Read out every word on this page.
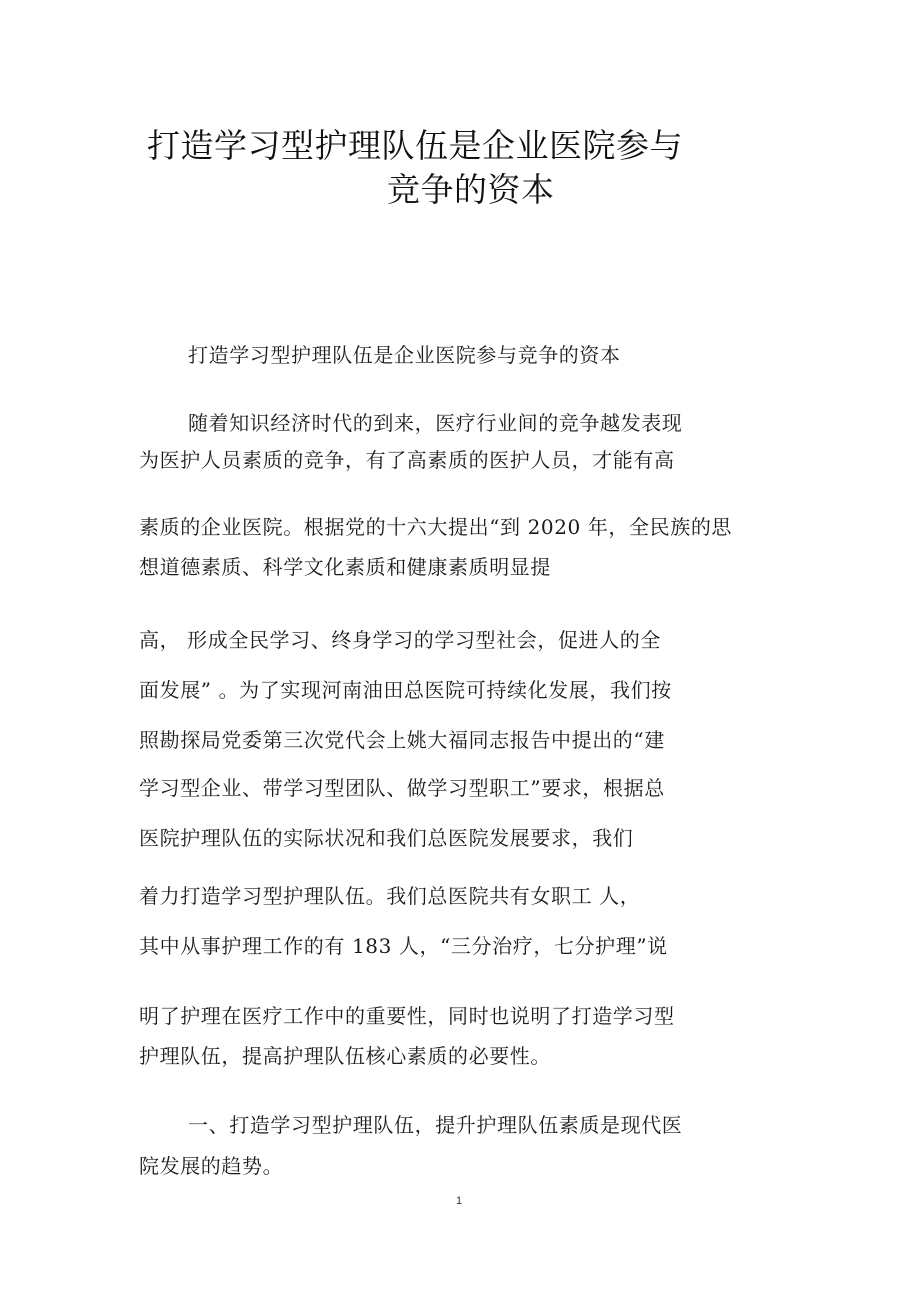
打造学习型护理队伍是企业医院参与
竞争的资本
打造学习型护理队伍是企业医院参与竞争的资本
随着知识经济时代的到来，医疗行业间的竞争越发表现
为医护人员素质的竞争，有了高素质的医护人员，才能有高
素质的企业医院。根据党的十六大提出“到 2020 年，全民族的思
想道德素质、科学文化素质和健康素质明显提
高， 形成全民学习、终身学习的学习型社会，促进人的全
面发展” 。为了实现河南油田总医院可持续化发展，我们按
照勘探局党委第三次党代会上姚大福同志报告中提出的“建
学习型企业、带学习型团队、做学习型职工”要求，根据总
医院护理队伍的实际状况和我们总医院发展要求，我们
着力打造学习型护理队伍。我们总医院共有女职工 人，
其中从事护理工作的有 183 人，“三分治疗，七分护理”说
明了护理在医疗工作中的重要性，同时也说明了打造学习型
护理队伍，提高护理队伍核心素质的必要性。
一、打造学习型护理队伍，提升护理队伍素质是现代医
院发展的趋势。
1
